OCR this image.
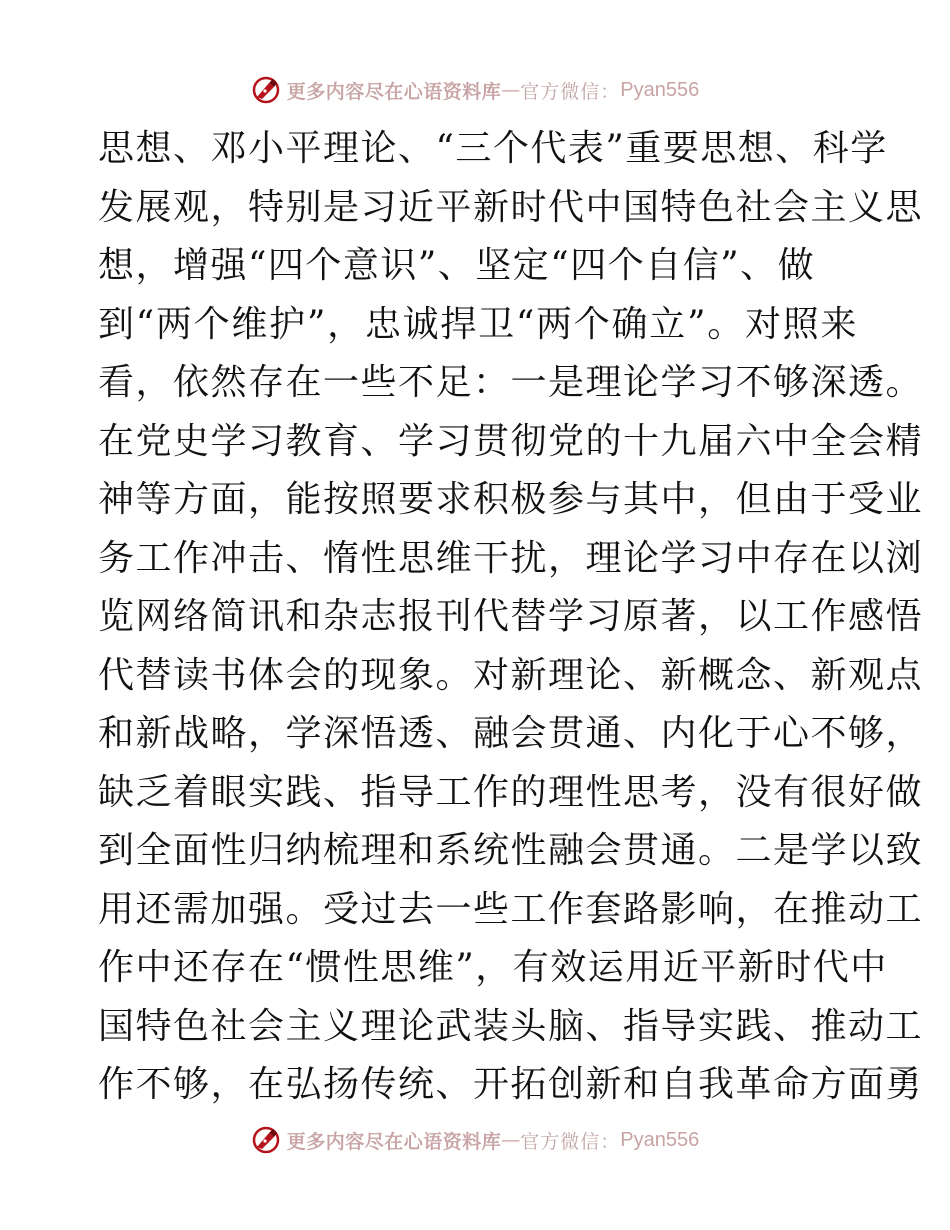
更多内容尽在心语资料库 — 官方微信： Pyan556
思想、邓小平理论、“三个代表”重要思想、科学
发展观，特别是习近平新时代中国特色社会主义思
想，增强“四个意识”、坚定“四个自信”、做
到“两个维护”，忠诚捍卫“两个确立”。对照来
看，依然存在一些不足：一是理论学习不够深透。
在党史学习教育、学习贯彻党的十九届六中全会精
神等方面，能按照要求积极参与其中，但由于受业
务工作冲击、惰性思维干扰，理论学习中存在以浏
览网络简讯和杂志报刊代替学习原著，以工作感悟
代替读书体会的现象。对新理论、新概念、新观点
和新战略，学深悟透、融会贯通、内化于心不够，
缺乏着眼实践、指导工作的理性思考，没有很好做
到全面性归纳梳理和系统性融会贯通。二是学以致
用还需加强。受过去一些工作套路影响，在推动工
作中还存在“惯性思维”，有效运用近平新时代中
国特色社会主义理论武装头脑、指导实践、推动工
作不够，在弘扬传统、开拓创新和自我革命方面勇
更多内容尽在心语资料库 — 官方微信： Pyan556
